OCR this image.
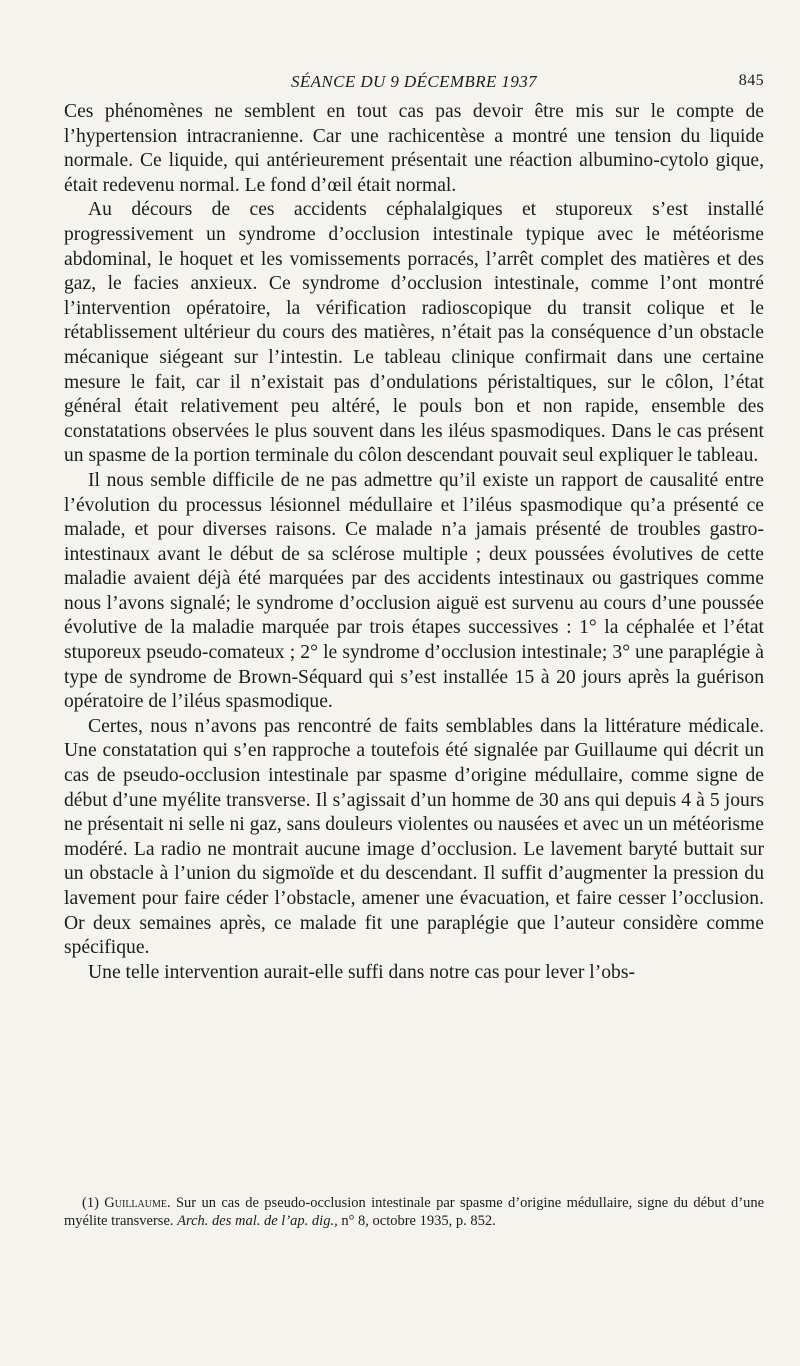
SÉANCE DU 9 DÉCEMBRE 1937	845

Ces phénomènes ne semblent en tout cas pas devoir être mis sur le compte de l’hypertension intracranienne. Car une rachicentèse a montré une tension du liquide normale. Ce liquide, qui antérieurement présentait une réaction albumino-cytolo gique, était redevenu normal. Le fond d’œil était normal.

Au décours de ces accidents céphalalgiques et stuporeux s’est installé progressivement un syndrome d’occlusion intestinale typique avec le météorisme abdominal, le hoquet et les vomissements porracés, l’arrêt complet des matières et des gaz, le facies anxieux. Ce syndrome d’occlusion intestinale, comme l’ont montré l’intervention opératoire, la vérification radioscopique du transit colique et le rétablissement ultérieur du cours des matières, n’était pas la conséquence d’un obstacle mécanique siégeant sur l’intestin. Le tableau clinique confirmait dans une certaine mesure le fait, car il n’existait pas d’ondulations péristaltiques, sur le côlon, l’état général était relativement peu altéré, le pouls bon et non rapide, ensemble des constatations observées le plus souvent dans les iléus spasmodiques. Dans le cas présent un spasme de la portion terminale du côlon descendant pouvait seul expliquer le tableau.

Il nous semble difficile de ne pas admettre qu’il existe un rapport de causalité entre l’évolution du processus lésionnel médullaire et l’iléus spasmodique qu’a présenté ce malade, et pour diverses raisons. Ce malade n’a jamais présenté de troubles gastro-intestinaux avant le début de sa sclérose multiple ; deux poussées évolutives de cette maladie avaient déjà été marquées par des accidents intestinaux ou gastriques comme nous l’avons signalé; le syndrome d’occlusion aiguë est survenu au cours d’une poussée évolutive de la maladie marquée par trois étapes successives : 1° la céphalée et l’état stuporeux pseudo-comateux ; 2° le syndrome d’occlusion intestinale; 3° une paraplégie à type de syndrome de Brown-Séquard qui s’est installée 15 à 20 jours après la guérison opératoire de l’iléus spasmodique.

Certes, nous n’avons pas rencontré de faits semblables dans la littérature médicale. Une constatation qui s’en rapproche a toutefois été signalée par Guillaume qui décrit un cas de pseudo-occlusion intestinale par spasme d’origine médullaire, comme signe de début d’une myélite transverse. Il s’agissait d’un homme de 30 ans qui depuis 4 à 5 jours ne présentait ni selle ni gaz, sans douleurs violentes ou nausées et avec un un météorisme modéré. La radio ne montrait aucune image d’occlusion. Le lavement baryté buttait sur un obstacle à l’union du sigmoïde et du descendant. Il suffit d’augmenter la pression du lavement pour faire céder l’obstacle, amener une évacuation, et faire cesser l’occlusion. Or deux semaines après, ce malade fit une paraplégie que l’auteur considère comme spécifique.

Une telle intervention aurait-elle suffi dans notre cas pour lever l’obs-

(1) Guillaume. Sur un cas de pseudo-occlusion intestinale par spasme d’origine médullaire, signe du début d’une myélite transverse. Arch. des mal. de l’ap. dig., n° 8, octobre 1935, p. 852.
